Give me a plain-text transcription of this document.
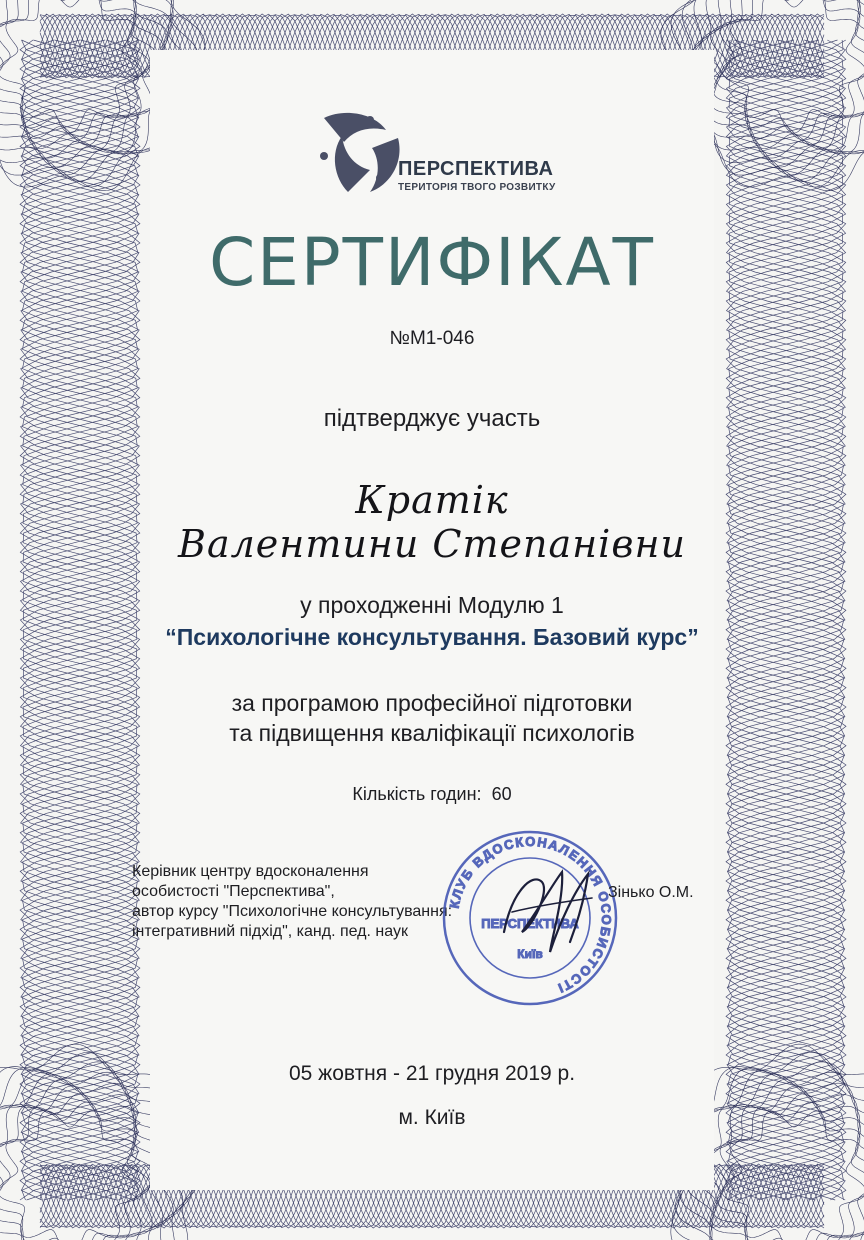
ПЕРСПЕКТИВА
ТЕРИТОРІЯ ТВОГО РОЗВИТКУ
СЕРТИФІКАТ
№М1-046
підтверджує участь
Кратік
Валентини Степанівни
у проходженні Модулю 1
“Психологічне консультування. Базовий курс”
за програмою професійної підготовки
та підвищення кваліфікації психологів
Кількість годин: 60
Керівник центру вдосконалення
особистості "Перспектива",
автор курсу "Психологічне консультування:
інтегративний підхід", канд. пед. наук
КЛУБ ВДОСКОНАЛЕННЯ ОСОБИСТОСТІ
ПЕРСПЕКТИВА
Київ
Зінько О.М.
05 жовтня - 21 грудня 2019 р.
м. Київ
